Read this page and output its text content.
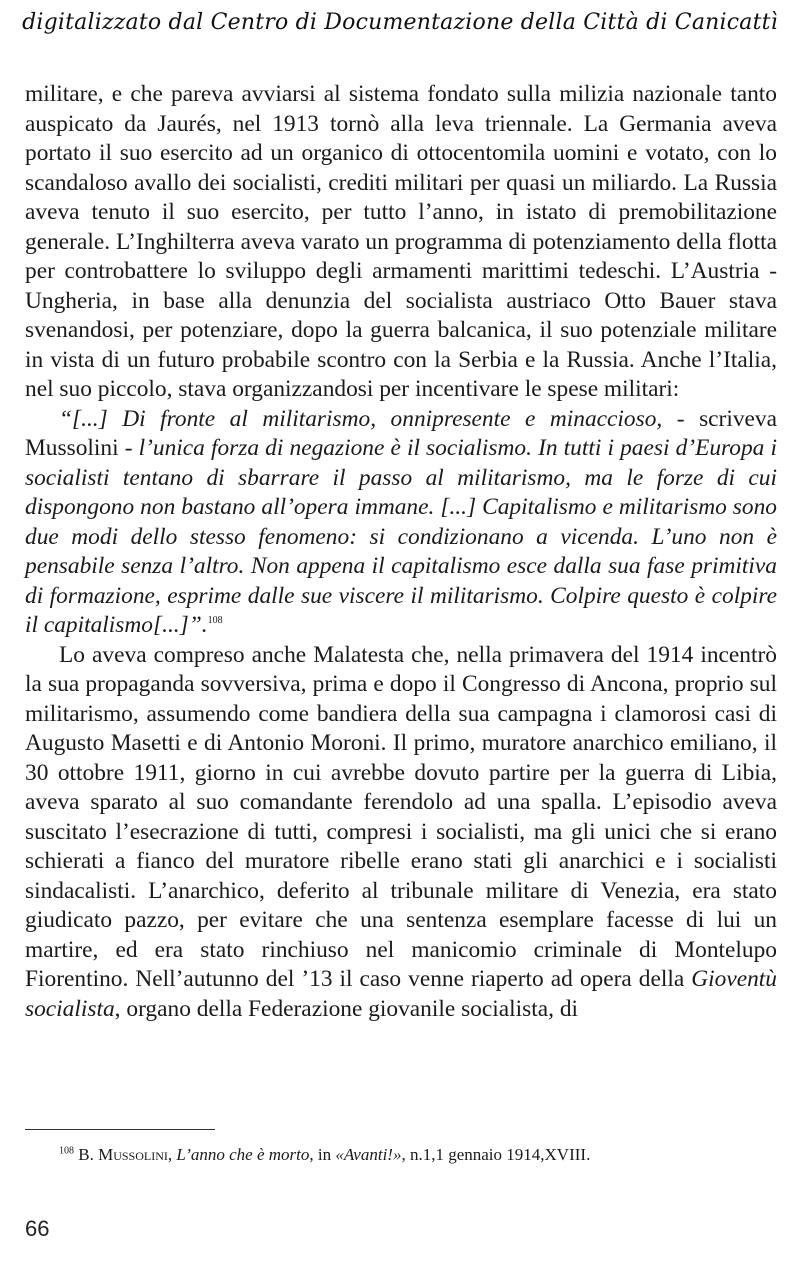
digitalizzato dal Centro di Documentazione della Città di Canicattì

militare, e che pareva avviarsi al sistema fondato sulla milizia nazionale tanto auspicato da Jaurés, nel 1913 tornò alla leva triennale. La Germania aveva portato il suo esercito ad un organico di ottocentomila uomini e votato, con lo scandaloso avallo dei socialisti, crediti militari per quasi un miliardo. La Russia aveva tenuto il suo esercito, per tutto l’anno, in istato di premobilitazione generale. L’Inghilterra aveva varato un programma di potenziamento della flotta per controbattere lo sviluppo degli armamenti marittimi tedeschi. L’Austria - Ungheria, in base alla denunzia del socialista austriaco Otto Bauer stava svenandosi, per potenziare, dopo la guerra balcanica, il suo potenziale militare in vista di un futuro probabile scontro con la Serbia e la Russia. Anche l’Italia, nel suo piccolo, stava organizzandosi per incentivare le spese militari:

“[...] Di fronte al militarismo, onnipresente e minaccioso, - scriveva Mussolini - l’unica forza di negazione è il socialismo. In tutti i paesi d’Europa i socialisti tentano di sbarrare il passo al militarismo, ma le forze di cui dispongono non bastano all’opera immane. [...] Capitalismo e militarismo sono due modi dello stesso fenomeno: si condizionano a vicenda. L’uno non è pensabile senza l’altro. Non appena il capitalismo esce dalla sua fase primitiva di formazione, esprime dalle sue viscere il militarismo. Colpire questo è colpire il capitalismo[...]”.$^{108}$

Lo aveva compreso anche Malatesta che, nella primavera del 1914 incentrò la sua propaganda sovversiva, prima e dopo il Congresso di Ancona, proprio sul militarismo, assumendo come bandiera della sua campagna i clamorosi casi di Augusto Masetti e di Antonio Moroni. Il primo, muratore anarchico emiliano, il 30 ottobre 1911, giorno in cui avrebbe dovuto partire per la guerra di Libia, aveva sparato al suo comandante ferendolo ad una spalla. L’episodio aveva suscitato l’esecrazione di tutti, compresi i socialisti, ma gli unici che si erano schierati a fianco del muratore ribelle erano stati gli anarchici e i socialisti sindacalisti. L’anarchico, deferito al tribunale militare di Venezia, era stato giudicato pazzo, per evitare che una sentenza esemplare facesse di lui un martire, ed era stato rinchiuso nel manicomio criminale di Montelupo Fiorentino. Nell’autunno del ’13 il caso venne riaperto ad opera della Gioventù socialista, organo della Federazione giovanile socialista, di

$^{108}$ B. Mussolini, L’anno che è morto, in «Avanti!», n.1,1 gennaio 1914,XVIII.
66
